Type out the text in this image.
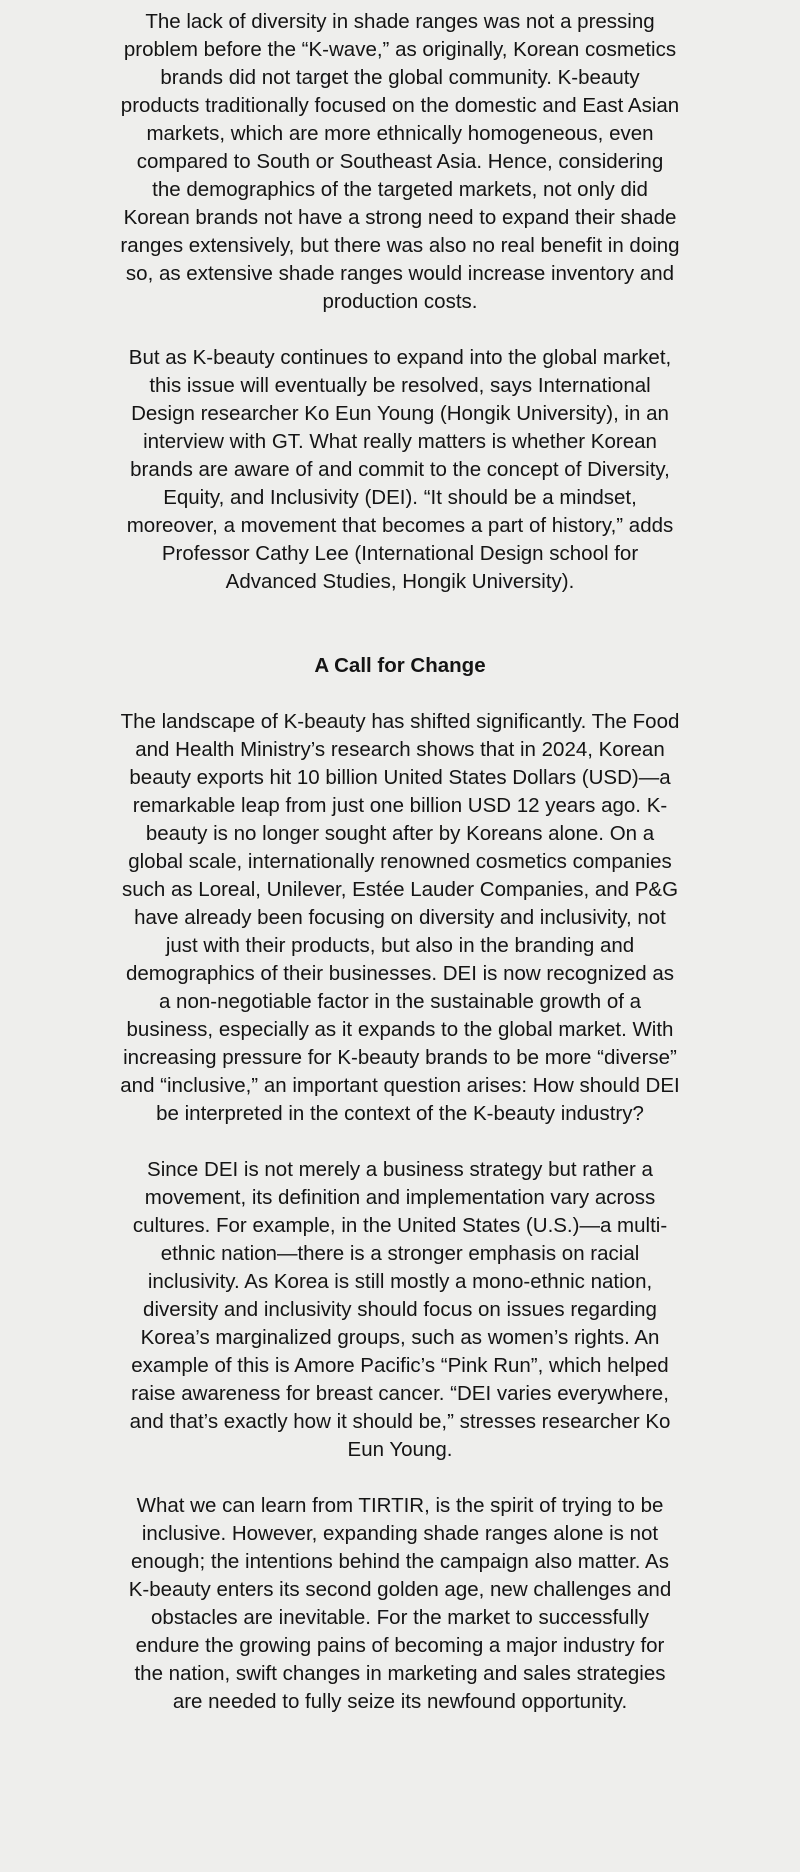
The lack of diversity in shade ranges was not a pressing problem before the “K-wave,” as originally, Korean cosmetics brands did not target the global community. K-beauty products traditionally focused on the domestic and East Asian markets, which are more ethnically homogeneous, even compared to South or Southeast Asia. Hence, considering the demographics of the targeted markets, not only did Korean brands not have a strong need to expand their shade ranges extensively, but there was also no real benefit in doing so, as extensive shade ranges would increase inventory and production costs.

But as K-beauty continues to expand into the global market, this issue will eventually be resolved, says International Design researcher Ko Eun Young (Hongik University), in an interview with GT. What really matters is whether Korean brands are aware of and commit to the concept of Diversity, Equity, and Inclusivity (DEI). “It should be a mindset, moreover, a movement that becomes a part of history,” adds Professor Cathy Lee (International Design school for Advanced Studies, Hongik University).

A Call for Change

The landscape of K-beauty has shifted significantly. The Food and Health Ministry’s research shows that in 2024, Korean beauty exports hit 10 billion United States Dollars (USD)—a remarkable leap from just one billion USD 12 years ago. K-beauty is no longer sought after by Koreans alone. On a global scale, internationally renowned cosmetics companies such as Loreal, Unilever, Estée Lauder Companies, and P&G have already been focusing on diversity and inclusivity, not just with their products, but also in the branding and demographics of their businesses. DEI is now recognized as a non-negotiable factor in the sustainable growth of a business, especially as it expands to the global market. With increasing pressure for K-beauty brands to be more “diverse” and “inclusive,” an important question arises: How should DEI be interpreted in the context of the K-beauty industry?

Since DEI is not merely a business strategy but rather a movement, its definition and implementation vary across cultures. For example, in the United States (U.S.)—a multi-ethnic nation—there is a stronger emphasis on racial inclusivity. As Korea is still mostly a mono-ethnic nation, diversity and inclusivity should focus on issues regarding Korea’s marginalized groups, such as women’s rights. An example of this is Amore Pacific’s “Pink Run”, which helped raise awareness for breast cancer. “DEI varies everywhere, and that’s exactly how it should be,” stresses researcher Ko Eun Young.

What we can learn from TIRTIR, is the spirit of trying to be inclusive. However, expanding shade ranges alone is not enough; the intentions behind the campaign also matter. As K-beauty enters its second golden age, new challenges and obstacles are inevitable. For the market to successfully endure the growing pains of becoming a major industry for the nation, swift changes in marketing and sales strategies are needed to fully seize its newfound opportunity.
